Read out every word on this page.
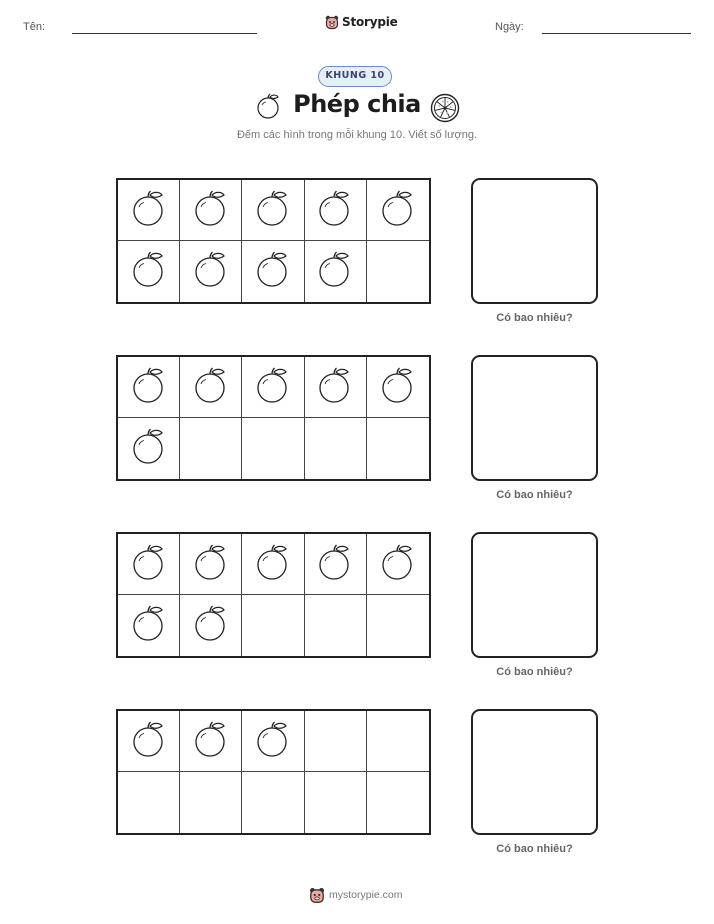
Tên:	Storypie	Ngày:
KHUNG 10
Phép chia
Đếm các hình trong mỗi khung 10. Viết số lượng.
Có bao nhiêu?
Có bao nhiêu?
Có bao nhiêu?
Có bao nhiêu?
mystorypie.com
